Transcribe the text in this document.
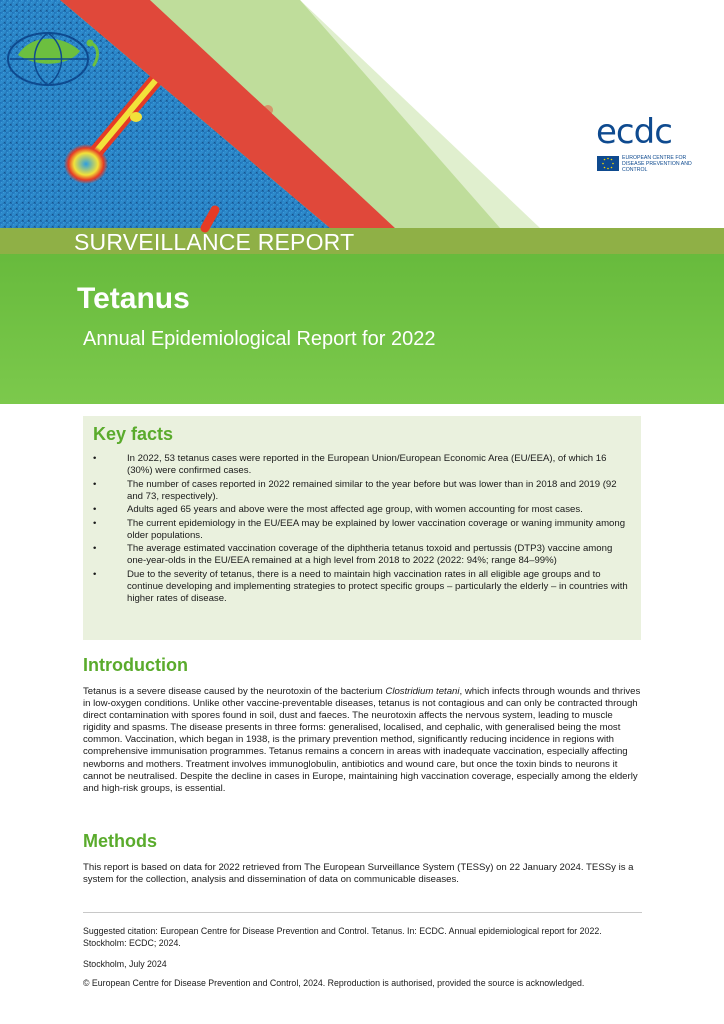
ecdc
EUROPEAN CENTRE FOR DISEASE PREVENTION AND CONTROL
SURVEILLANCE REPORT
Tetanus
Annual Epidemiological Report for 2022
Key facts
•	In 2022, 53 tetanus cases were reported in the European Union/European Economic Area (EU/EEA), of which 16 (30%) were confirmed cases.
•	The number of cases reported in 2022 remained similar to the year before but was lower than in 2018 and 2019 (92 and 73, respectively).
•	Adults aged 65 years and above were the most affected age group, with women accounting for most cases.
•	The current epidemiology in the EU/EEA may be explained by lower vaccination coverage or waning immunity among older populations.
•	The average estimated vaccination coverage of the diphtheria tetanus toxoid and pertussis (DTP3) vaccine among one-year-olds in the EU/EEA remained at a high level from 2018 to 2022 (2022: 94%; range 84–99%)
•	Due to the severity of tetanus, there is a need to maintain high vaccination rates in all eligible age groups and to continue developing and implementing strategies to protect specific groups – particularly the elderly – in countries with higher rates of disease.
Introduction
Tetanus is a severe disease caused by the neurotoxin of the bacterium Clostridium tetani, which infects through wounds and thrives in low-oxygen conditions. Unlike other vaccine-preventable diseases, tetanus is not contagious and can only be contracted through direct contamination with spores found in soil, dust and faeces. The neurotoxin affects the nervous system, leading to muscle rigidity and spasms. The disease presents in three forms: generalised, localised, and cephalic, with generalised being the most common. Vaccination, which began in 1938, is the primary prevention method, significantly reducing incidence in regions with comprehensive immunisation programmes. Tetanus remains a concern in areas with inadequate vaccination, especially affecting newborns and mothers. Treatment involves immunoglobulin, antibiotics and wound care, but once the toxin binds to neurons it cannot be neutralised. Despite the decline in cases in Europe, maintaining high vaccination coverage, especially among the elderly and high-risk groups, is essential.
Methods
This report is based on data for 2022 retrieved from The European Surveillance System (TESSy) on 22 January 2024. TESSy is a system for the collection, analysis and dissemination of data on communicable diseases.
Suggested citation: European Centre for Disease Prevention and Control. Tetanus. In: ECDC. Annual epidemiological report for 2022. Stockholm: ECDC; 2024.
Stockholm, July 2024
© European Centre for Disease Prevention and Control, 2024. Reproduction is authorised, provided the source is acknowledged.
